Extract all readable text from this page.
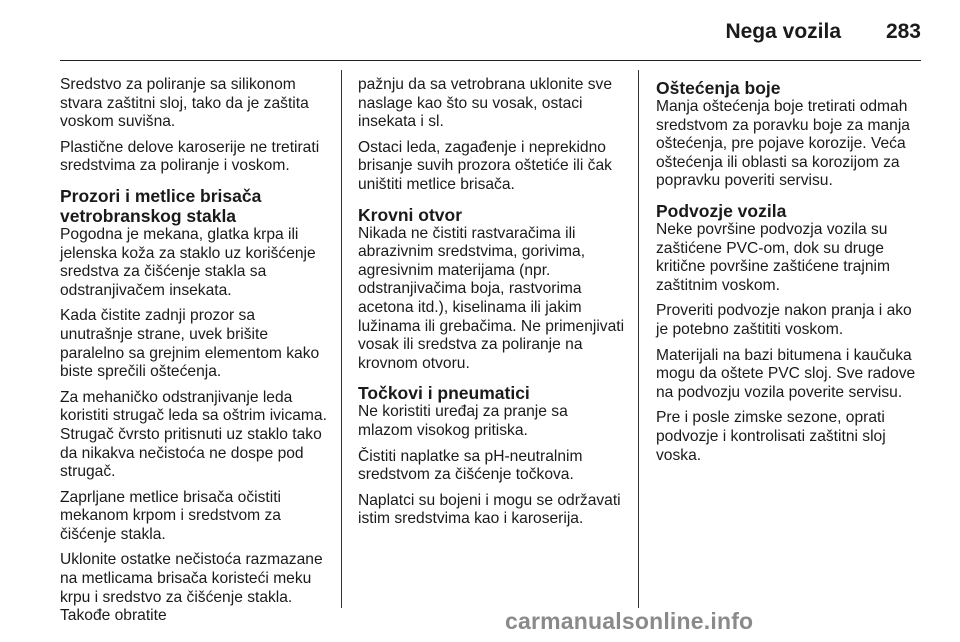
Nega vozila 283

Sredstvo za poliranje sa silikonom stvara zaštitni sloj, tako da je zaštita voskom suvišna.

Plastične delove karoserije ne tretirati sredstvima za poliranje i voskom.

Prozori i metlice brisača vetrobranskog stakla

Pogodna je mekana, glatka krpa ili jelenska koža za staklo uz korišćenje sredstva za čišćenje stakla sa odstranjivačem insekata.

Kada čistite zadnji prozor sa unutrašnje strane, uvek brišite paralelno sa grejnim elementom kako biste sprečili oštećenja.

Za mehaničko odstranjivanje leda koristiti strugač leda sa oštrim ivicama. Strugač čvrsto pritisnuti uz staklo tako da nikakva nečistoća ne dospe pod strugač.

Zaprljane metlice brisača očistiti mekanom krpom i sredstvom za čišćenje stakla.

Uklonite ostatke nečistoća razmazane na metlicama brisača koristeći meku krpu i sredstvo za čišćenje stakla. Takođe obratite

pažnju da sa vetrobrana uklonite sve naslage kao što su vosak, ostaci insekata i sl.

Ostaci leda, zagađenje i neprekidno brisanje suvih prozora oštetiće ili čak uništiti metlice brisača.

Krovni otvor

Nikada ne čistiti rastvaračima ili abrazivnim sredstvima, gorivima, agresivnim materijama (npr. odstranjivačima boja, rastvorima acetona itd.), kiselinama ili jakim lužinama ili grebačima. Ne primenjivati vosak ili sredstva za poliranje na krovnom otvoru.

Točkovi i pneumatici

Ne koristiti uređaj za pranje sa mlazom visokog pritiska.

Čistiti naplatke sa pH-neutralnim sredstvom za čišćenje točkova.

Naplatci su bojeni i mogu se održavati istim sredstvima kao i karoserija.

Oštećenja boje

Manja oštećenja boje tretirati odmah sredstvom za poravku boje za manja oštećenja, pre pojave korozije. Veća oštećenja ili oblasti sa korozijom za popravku poveriti servisu.

Podvozje vozila

Neke površine podvozja vozila su zaštićene PVC-om, dok su druge kritične površine zaštićene trajnim zaštitnim voskom.

Proveriti podvozje nakon pranja i ako je potebno zaštititi voskom.

Materijali na bazi bitumena i kaučuka mogu da oštete PVC sloj. Sve radove na podvozju vozila poverite servisu.

Pre i posle zimske sezone, oprati podvozje i kontrolisati zaštitni sloj voska.

carmanualsonline.info
